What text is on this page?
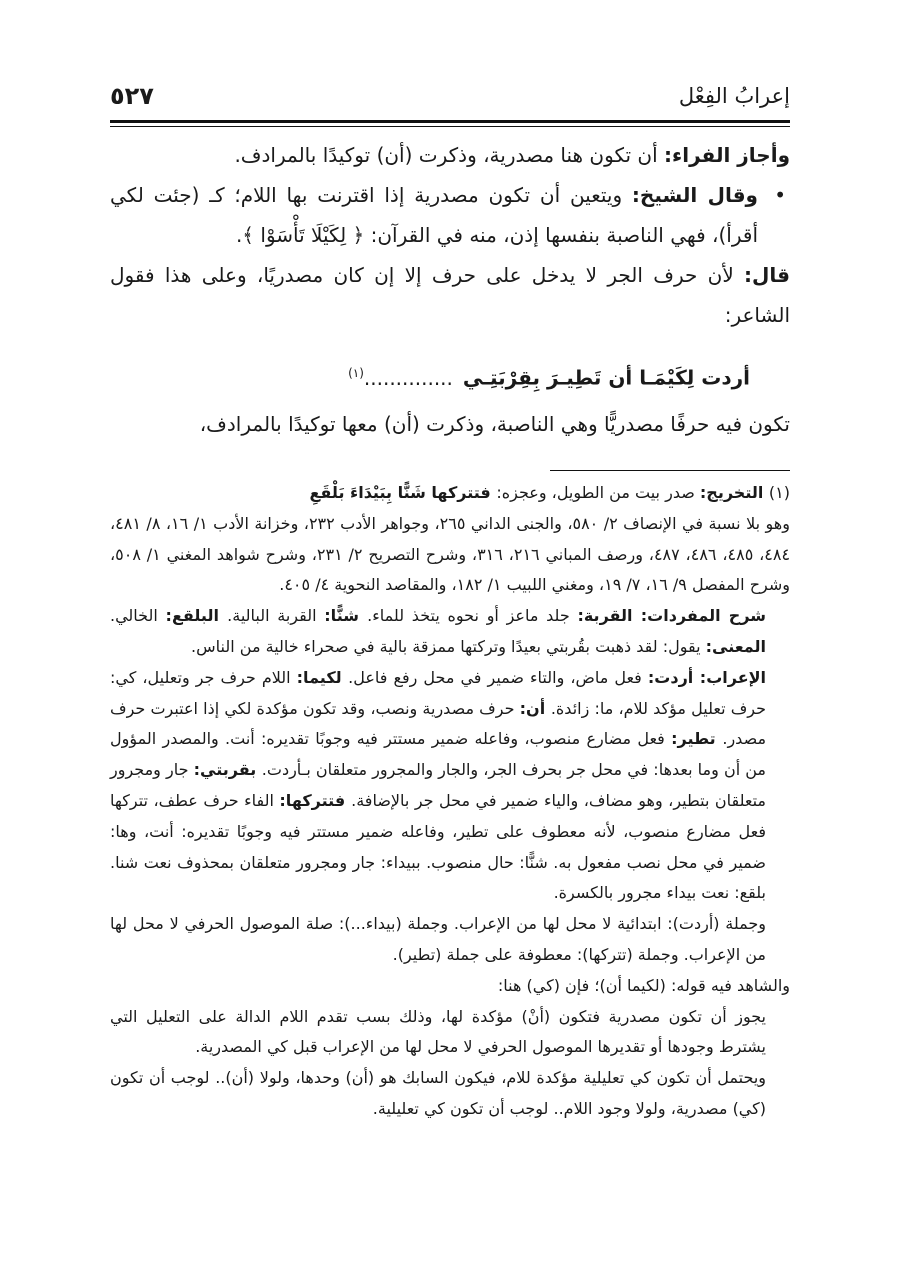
إعرابُ الفِعْل
٥٢٧

وأجاز الفراء: أن تكون هنا مصدرية، وذكرت (أن) توكيدًا بالمرادف.

•
وقال الشيخ: ويتعين أن تكون مصدرية إذا اقترنت بها اللام؛ كـ (جئت لكي أقرأ)، فهي الناصبة بنفسها إذن، منه في القرآن: ﴿ لِكَيْلَا تَأْسَوْا ﴾.

قال: لأن حرف الجر لا يدخل على حرف إلا إن كان مصدريًا، وعلى هذا فقول الشاعر:

أردت لِكَيْمَـا أن تَطِيـرَ بِقِرْبَتِـي..............$^{(١)}$

تكون فيه حرفًا مصدريًّا وهي الناصبة، وذكرت (أن) معها توكيدًا بالمرادف،

(١) التخريج: صدر بيت من الطويل، وعجزه: فتتركها شَنًّا بِبَيْدَاءَ بَلْقَعِ

وهو بلا نسبة في الإنصاف ٢/ ٥٨٠، والجنى الداني ٢٦٥، وجواهر الأدب ٢٣٢، وخزانة الأدب ١/ ١٦، ٨/ ٤٨١، ٤٨٤، ٤٨٥، ٤٨٦، ٤٨٧، ورصف المباني ٢١٦، ٣١٦، وشرح التصريح ٢/ ٢٣١، وشرح شواهد المغني ١/ ٥٠٨، وشرح المفصل ٩/ ١٦، ٧/ ١٩، ومغني اللبيب ١/ ١٨٢، والمقاصد النحوية ٤/ ٤٠٥.

شرح المفردات: القربة: جلد ماعز أو نحوه يتخذ للماء. شنًّا: القربة البالية. البلقع: الخالي. المعنى: يقول: لقد ذهبت بقُربتي بعيدًا وتركتها ممزقة بالية في صحراء خالية من الناس.

الإعراب: أردت: فعل ماض، والتاء ضمير في محل رفع فاعل. لكيما: اللام حرف جر وتعليل، كي: حرف تعليل مؤكد للام، ما: زائدة. أن: حرف مصدرية ونصب، وقد تكون مؤكدة لكي إذا اعتبرت حرف مصدر. تطير: فعل مضارع منصوب، وفاعله ضمير مستتر فيه وجوبًا تقديره: أنت. والمصدر المؤول من أن وما بعدها: في محل جر بحرف الجر، والجار والمجرور متعلقان بـأردت. بقربتي: جار ومجرور متعلقان بتطير، وهو مضاف، والياء ضمير في محل جر بالإضافة. فتتركها: الفاء حرف عطف، تتركها فعل مضارع منصوب، لأنه معطوف على تطير، وفاعله ضمير مستتر فيه وجوبًا تقديره: أنت، وها: ضمير في محل نصب مفعول به. شنًّا: حال منصوب. ببيداء: جار ومجرور متعلقان بمحذوف نعت شنا. بلقع: نعت بيداء مجرور بالكسرة.

وجملة (أردت): ابتدائية لا محل لها من الإعراب. وجملة (بيداء...): صلة الموصول الحرفي لا محل لها من الإعراب. وجملة (تتركها): معطوفة على جملة (تطير).

والشاهد فيه قوله: (لكيما أن)؛ فإن (كي) هنا:

يجوز أن تكون مصدرية فتكون (أنْ) مؤكدة لها، وذلك بسب تقدم اللام الدالة على التعليل التي يشترط وجودها أو تقديرها الموصول الحرفي لا محل لها من الإعراب قبل كي المصدرية.

ويحتمل أن تكون كي تعليلية مؤكدة للام، فيكون السابك هو (أن) وحدها، ولولا (أن).. لوجب أن تكون (كي) مصدرية، ولولا وجود اللام.. لوجب أن تكون كي تعليلية.
